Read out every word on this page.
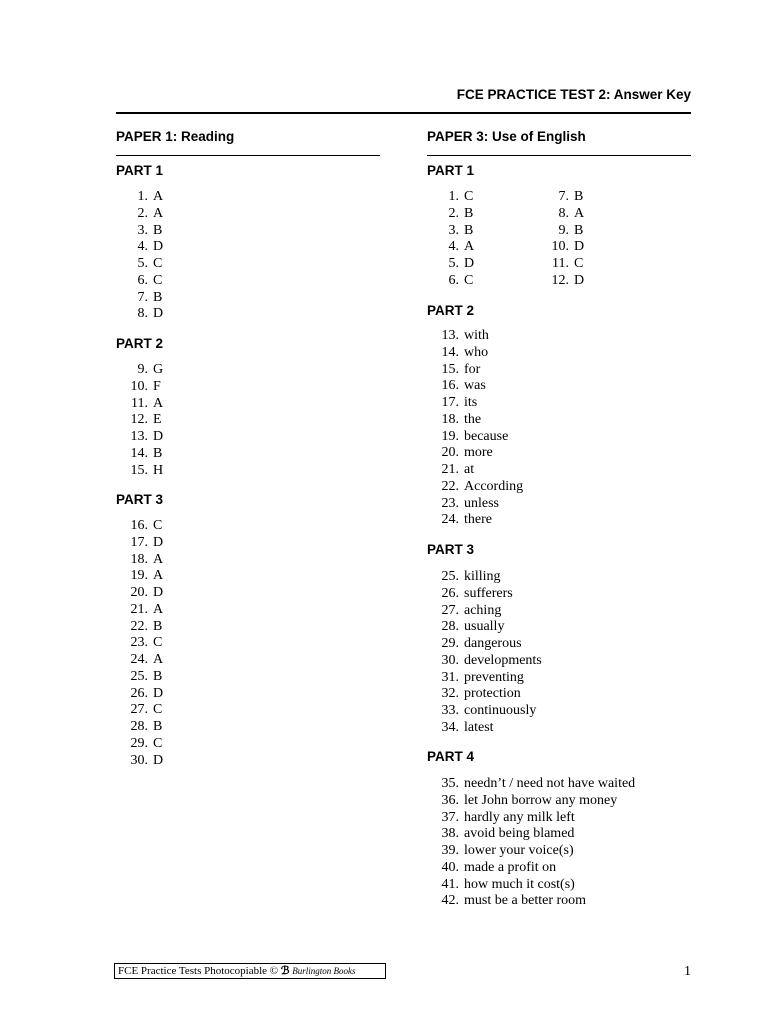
FCE PRACTICE TEST 2: Answer Key
PAPER 1: Reading	PAPER 3: Use of English
PART 1
1. A
2. A
3. B
4. D
5. C
6. C
7. B
8. D
PART 2
9. G
10. F
11. A
12. E
13. D
14. B
15. H
PART 3
16. C
17. D
18. A
19. A
20. D
21. A
22. B
23. C
24. A
25. B
26. D
27. C
28. B
29. C
30. D
PART 1
1. C
2. B
3. B
4. A
5. D
6. C
7. B
8. A
9. B
10. D
11. C
12. D
PART 2
13. with
14. who
15. for
16. was
17. its
18. the
19. because
20. more
21. at
22. According
23. unless
24. there
PART 3
25. killing
26. sufferers
27. aching
28. usually
29. dangerous
30. developments
31. preventing
32. protection
33. continuously
34. latest
PART 4
35. needn’t / need not have waited
36. let John borrow any money
37. hardly any milk left
38. avoid being blamed
39. lower your voice(s)
40. made a profit on
41. how much it cost(s)
42. must be a better room
FCE Practice Tests Photocopiable © ℬ Burlington Books	1
